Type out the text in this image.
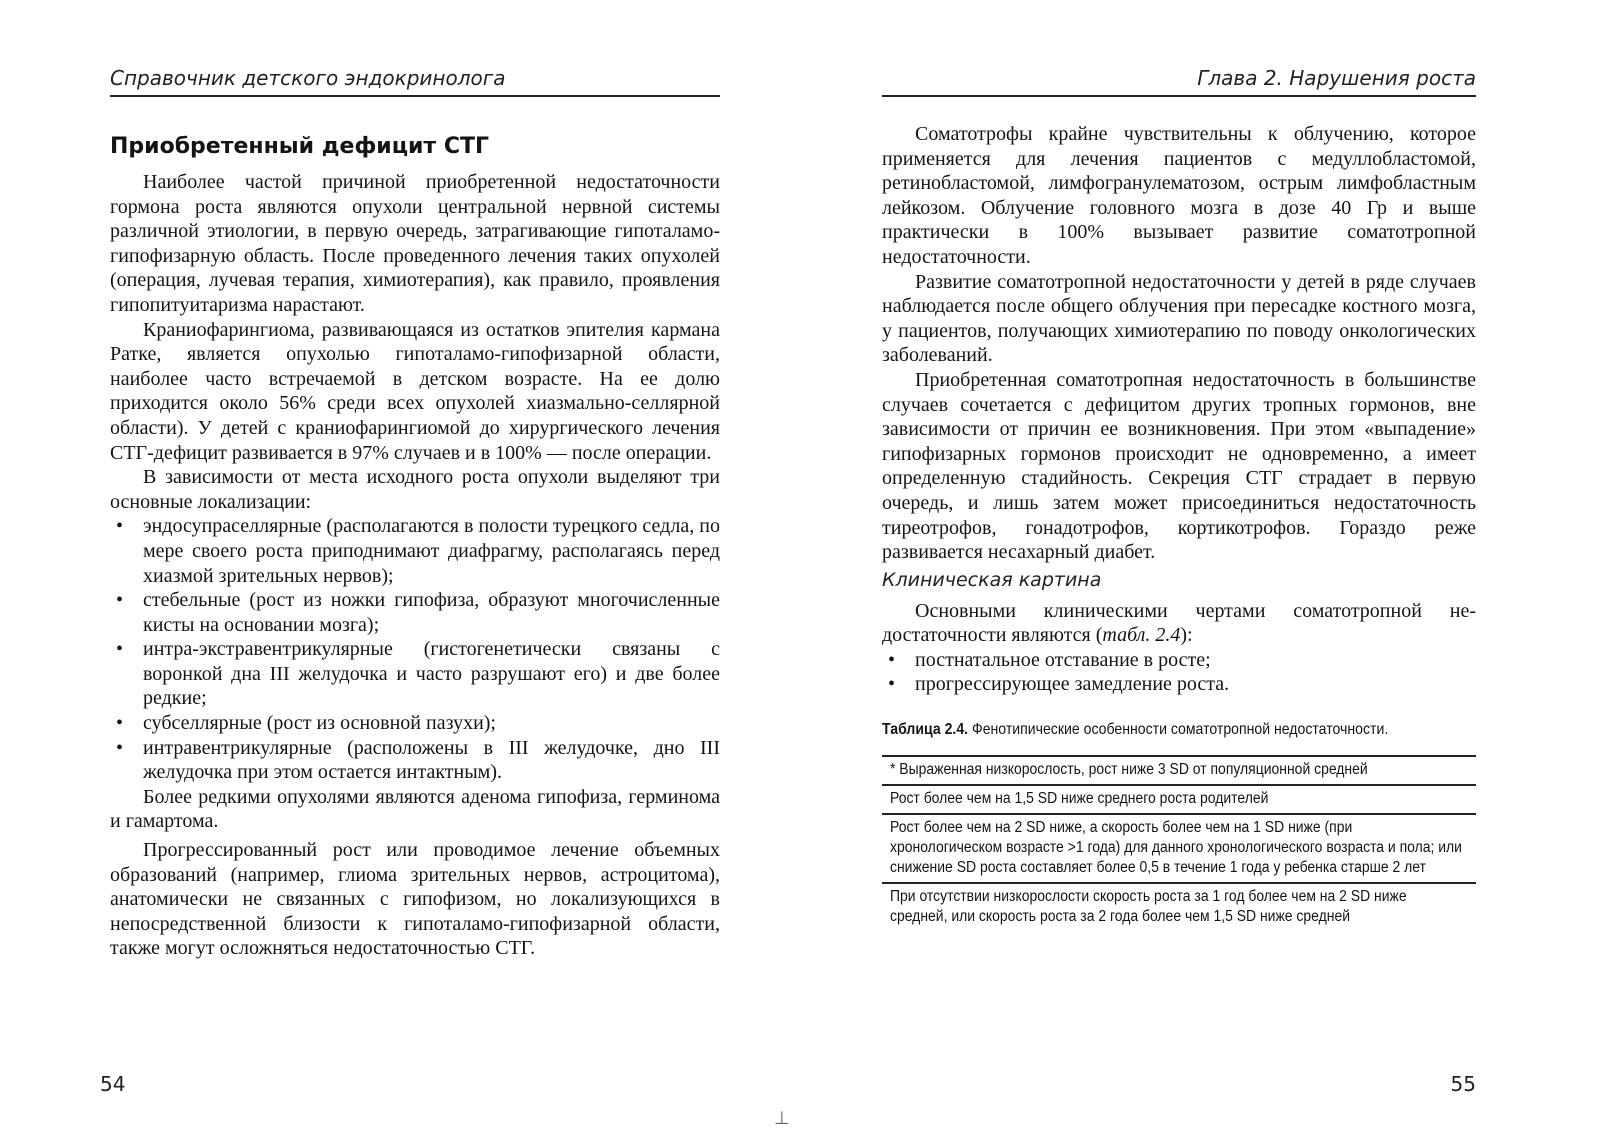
Справочник детского эндокринолога
Приобретенный дефицит СТГ

Наиболее частой причиной приобретенной недостаточности гормона роста являются опухоли центральной нервной системы различной этиологии, в первую очередь, затрагивающие гипоталамо-гипофизарную область. После проведенного лечения таких опухолей (операция, лучевая терапия, химиотерапия), как правило, проявления гипопитуитаризма нарастают.

Краниофарингиома, развивающаяся из остатков эпителия кармана Ратке, является опухолью гипоталамо-гипофизарной области, наиболее часто встречаемой в детском возрасте. На ее долю приходится около 56% среди всех опухолей хиазмально-селлярной области). У детей с краниофарингиомой до хирургического лечения СТГ-дефицит развивается в 97% случаев и в 100% — после операции.

В зависимости от места исходного роста опухоли выделяют три основные локализации:

• эндосупраселлярные (располагаются в полости турецкого седла, по мере своего роста приподнимают диафрагму, располагаясь перед хиазмой зрительных нервов);
• стебельные (рост из ножки гипофиза, образуют многочисленные кисты на основании мозга);
• интра-экстравентрикулярные (гистогенетически связаны с воронкой дна III желудочка и часто разрушают его) и две более редкие;
• субселлярные (рост из основной пазухи);
• интравентрикулярные (расположены в III желудочке, дно III желудочка при этом остается интактным).

Более редкими опухолями являются аденома гипофиза, герминома и гамартома.

Прогрессированный рост или проводимое лечение объемных образований (например, глиома зрительных нервов, астроцитома), анатомически не связанных с гипофизом, но локализующихся в непосредственной близости к гипоталамо-гипофизарной области, также могут осложняться недостаточностью СТГ.

54
Глава 2. Нарушения роста

Соматотрофы крайне чувствительны к облучению, которое применяется для лечения пациентов с медуллобластомой, ретинобластомой, лимфогранулематозом, острым лимфобластным лейкозом. Облучение головного мозга в дозе 40 Гр и выше практически в 100% вызывает развитие соматотропной недостаточности.

Развитие соматотропной недостаточности у детей в ряде случаев наблюдается после общего облучения при пересадке костного мозга, у пациентов, получающих химиотерапию по поводу онкологических заболеваний.

Приобретенная соматотропная недостаточность в большинстве случаев сочетается с дефицитом других тропных гормонов, вне зависимости от причин ее возникновения. При этом «выпадение» гипофизарных гормонов происходит не одновременно, а имеет определенную стадийность. Секреция СТГ страдает в первую очередь, и лишь затем может присоединиться недостаточность тиреотрофов, гонадотрофов, кортикотрофов. Гораздо реже развивается несахарный диабет.

Клиническая картина

Основными клиническими чертами соматотропной недостаточности являются (табл. 2.4):

• постнатальное отставание в росте;
• прогрессирующее замедление роста.
Таблица 2.4. Фенотипические особенности соматотропной недостаточности.
* Выраженная низкорослость, рост ниже 3 SD от популяционной средней
Рост более чем на 1,5 SD ниже среднего роста родителей
Рост более чем на 2 SD ниже, а скорость более чем на 1 SD ниже (при хронологическом возрасте >1 года) для данного хронологического возраста и пола; или снижение SD роста составляет более 0,5 в течение 1 года у ребенка старше 2 лет
При отсутствии низкорослости скорость роста за 1 год более чем на 2 SD ниже средней, или скорость роста за 2 года более чем 1,5 SD ниже средней
55
⊥
